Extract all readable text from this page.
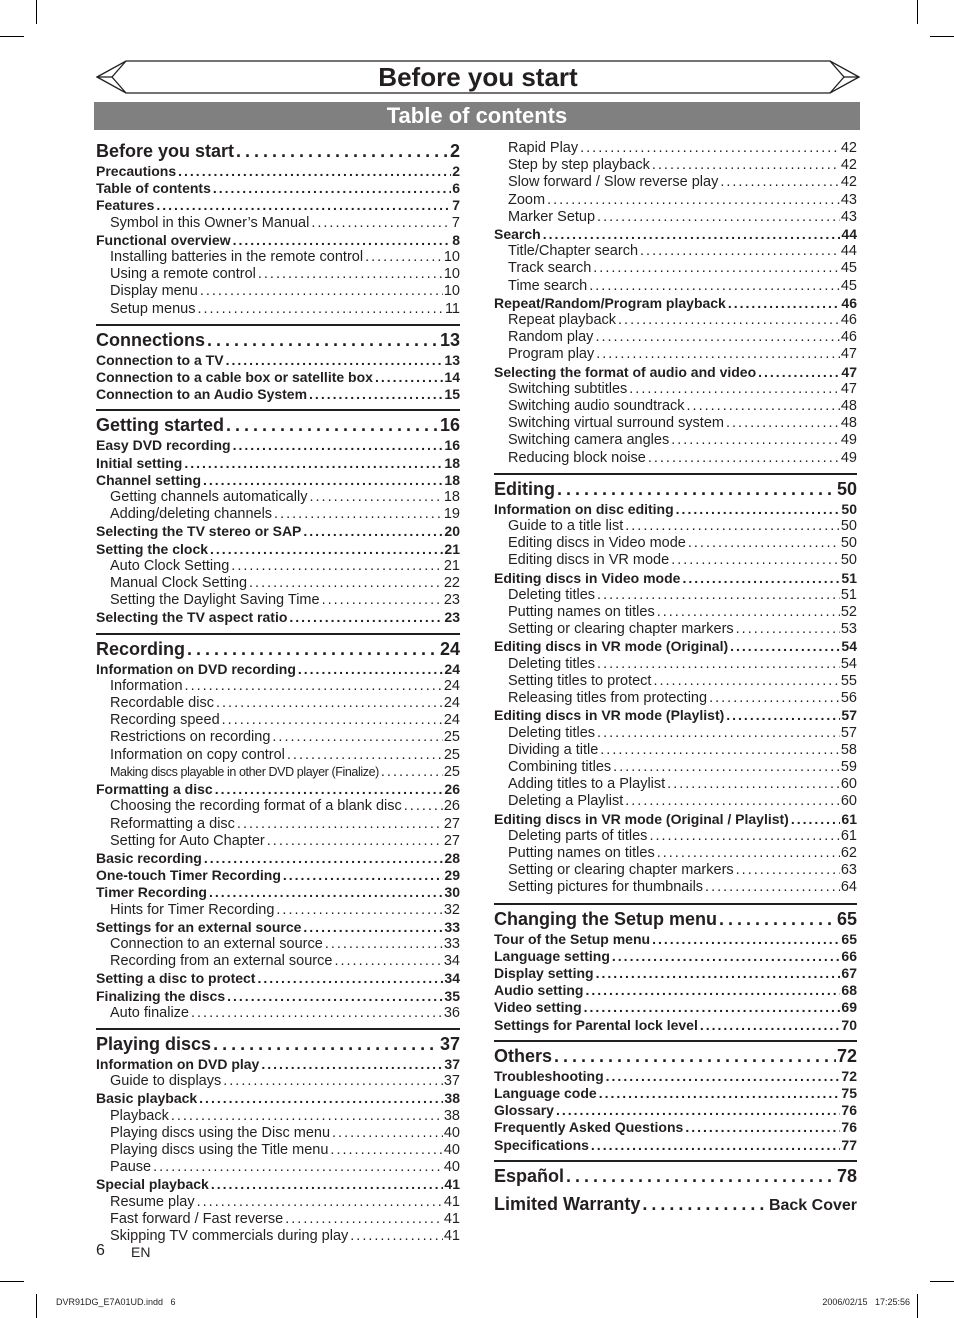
Before you start
Table of contents
Before you start .....	2
Precautions .....	2
Table of contents .....	6
Features .....	7
Symbol in this Owner’s Manual .....	7
Functional overview .....	8
Installing batteries in the remote control .....	10
Using a remote control .....	10
Display menu .....	10
Setup menus .....	11
Connections .....	13
Connection to a TV .....	13
Connection to a cable box or satellite box .....	14
Connection to an Audio System .....	15
Getting started .....	16
Easy DVD recording .....	16
Initial setting .....	18
Channel setting .....	18
Getting channels automatically .....	18
Adding/deleting channels .....	19
Selecting the TV stereo or SAP .....	20
Setting the clock .....	21
Auto Clock Setting .....	21
Manual Clock Setting .....	22
Setting the Daylight Saving Time .....	23
Selecting the TV aspect ratio .....	23
Recording .....	24
Information on DVD recording .....	24
Information .....	24
Recordable disc .....	24
Recording speed .....	24
Restrictions on recording .....	25
Information on copy control .....	25
Making discs playable in other DVD player (Finalize) .....	25
Formatting a disc .....	26
Choosing the recording format of a blank disc .....	26
Reformatting a disc .....	27
Setting for Auto Chapter .....	27
Basic recording .....	28
One-touch Timer Recording .....	29
Timer Recording .....	30
Hints for Timer Recording .....	32
Settings for an external source .....	33
Connection to an external source .....	33
Recording from an external source .....	34
Setting a disc to protect .....	34
Finalizing the discs .....	35
Auto finalize .....	36
Playing discs .....	37
Information on DVD play .....	37
Guide to displays .....	37
Basic playback .....	38
Playback .....	38
Playing discs using the Disc menu .....	40
Playing discs using the Title menu .....	40
Pause .....	40
Special playback .....	41
Resume play .....	41
Fast forward / Fast reverse .....	41
Skipping TV commercials during play .....	41
Rapid Play .....	42
Step by step playback .....	42
Slow forward / Slow reverse play .....	42
Zoom .....	43
Marker Setup .....	43
Search .....	44
Title/Chapter search .....	44
Track search .....	45
Time search .....	45
Repeat/Random/Program playback .....	46
Repeat playback .....	46
Random play .....	46
Program play .....	47
Selecting the format of audio and video .....	47
Switching subtitles .....	47
Switching audio soundtrack .....	48
Switching virtual surround system .....	48
Switching camera angles .....	49
Reducing block noise .....	49
Editing .....	50
Information on disc editing .....	50
Guide to a title list .....	50
Editing discs in Video mode .....	50
Editing discs in VR mode .....	50
Editing discs in Video mode .....	51
Deleting titles .....	51
Putting names on titles .....	52
Setting or clearing chapter markers .....	53
Editing discs in VR mode (Original) .....	54
Deleting titles .....	54
Setting titles to protect .....	55
Releasing titles from protecting .....	56
Editing discs in VR mode (Playlist) .....	57
Deleting titles .....	57
Dividing a title .....	58
Combining titles .....	59
Adding titles to a Playlist .....	60
Deleting a Playlist .....	60
Editing discs in VR mode (Original / Playlist) .....	61
Deleting parts of titles .....	61
Putting names on titles .....	62
Setting or clearing chapter markers .....	63
Setting pictures for thumbnails .....	64
Changing the Setup menu .....	65
Tour of the Setup menu .....	65
Language setting .....	66
Display setting .....	67
Audio setting .....	68
Video setting .....	69
Settings for Parental lock level .....	70
Others .....	72
Troubleshooting .....	72
Language code .....	75
Glossary .....	76
Frequently Asked Questions .....	76
Specifications .....	77
Español .....	78
Limited Warranty .....	Back Cover
6 EN
DVR91DG_E7A01UD.indd   6	2006/02/15   17:25:56
